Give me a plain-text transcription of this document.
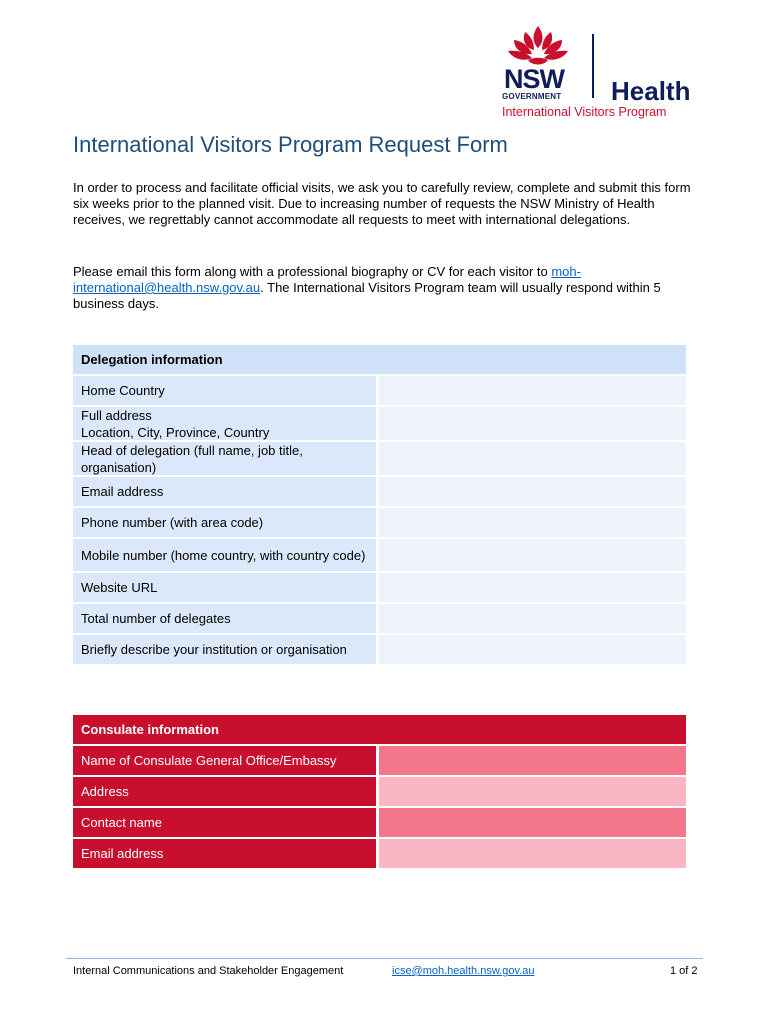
NSW
GOVERNMENT Health
International Visitors Program
International Visitors Program Request Form
In order to process and facilitate official visits, we ask you to carefully review, complete and submit this form six weeks prior to the planned visit. Due to increasing number of requests the NSW Ministry of Health receives, we regrettably cannot accommodate all requests to meet with international delegations.
Please email this form along with a professional biography or CV for each visitor to moh-international@health.nsw.gov.au. The International Visitors Program team will usually respond within 5 business days.
Delegation information
Home Country
Full address
Location, City, Province, Country
Head of delegation (full name, job title, organisation)
Email address
Phone number (with area code)
Mobile number (home country, with country code)
Website URL
Total number of delegates
Briefly describe your institution or organisation
Consulate information
Name of Consulate General Office/Embassy
Address
Contact name
Email address
Internal Communications and Stakeholder Engagement	icse@moh.health.nsw.gov.au	1 of 2
